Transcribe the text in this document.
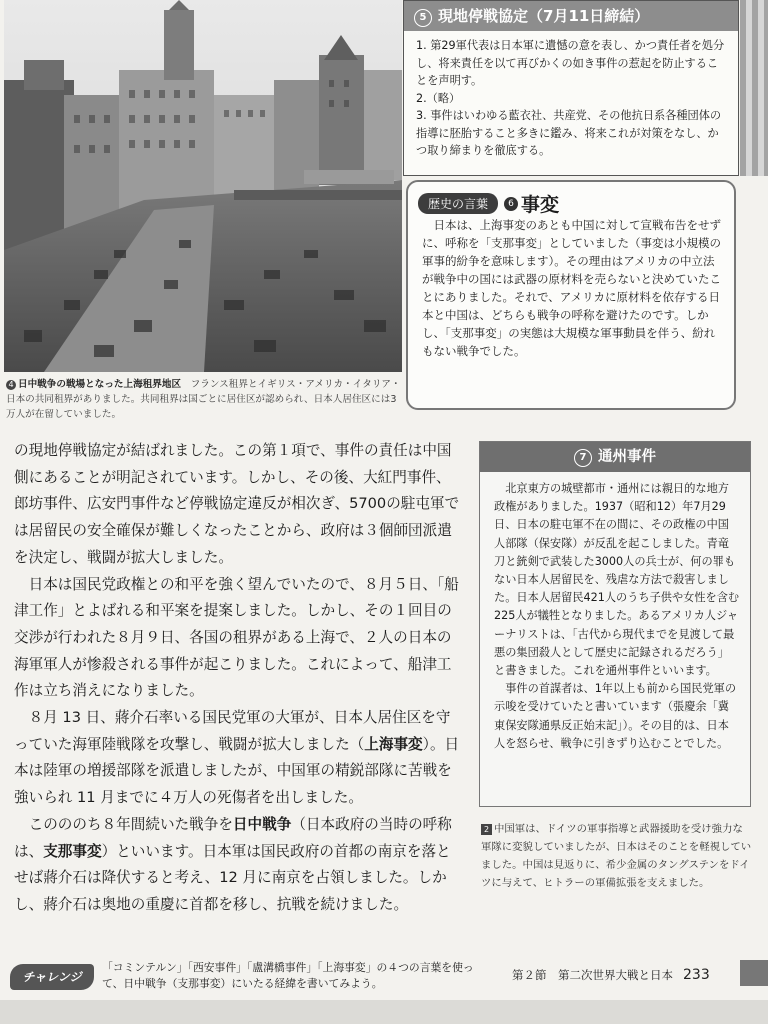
4 日中戦争の戦場となった上海租界地区　 フランス租界とイギリス・アメリカ・イタリア・日本の共同租界がありました。共同租界は国ごとに居住区が認められ、日本人居住区には3万人が在留していました。
5 現地停戦協定（7月11日締結）
1. 第29軍代表は日本軍に遺憾の意を表し、かつ責任者を処分し、将来責任を以て再びかくの如き事件の惹起を防止することを声明す。
2.（略）
3. 事件はいわゆる藍衣社、共産党、その他抗日系各種団体の指導に胚胎すること多きに鑑み、将来これが対策をなし、かつ取り締まりを徹底する。
歴史の言葉 6 事変
日本は、上海事変のあとも中国に対して宣戦布告をせずに、呼称を「支那事変」としていました（事変は小規模の軍事的紛争を意味します）。その理由はアメリカの中立法が戦争中の国には武器の原材料を売らないと決めていたことにありました。それで、アメリカに原材料を依存する日本と中国は、どちらも戦争の呼称を避けたのです。しかし、「支那事変」の実態は大規模な軍事動員を伴う、紛れもない戦争でした。

の現地停戦協定が結ばれました。この第１項で、事件の責任は中国側にあることが明記されています。しかし、その後、大紅門事件、郎坊事件、広安門事件など停戦協定違反が相次ぎ、5700の駐屯軍では居留民の安全確保が難しくなったことから、政府は３個師団派遣を決定し、戦闘が拡大しました。

日本は国民党政権との和平を強く望んでいたので、８月５日、「船津工作」とよばれる和平案を提案しました。しかし、その１回目の交渉が行われた８月９日、各国の租界がある上海で、２人の日本の海軍軍人が惨殺される事件が起こりました。これによって、船津工作は立ち消えになりました。

８月 13 日、蔣介石率いる国民党軍の大軍が、日本人居住区を守っていた海軍陸戦隊を攻撃し、戦闘が拡大しました（上海事変）。日本は陸軍の増援部隊を派遣しましたが、中国軍の精鋭部隊に苦戦を強いられ 11 月までに４万人の死傷者を出しました。

このののち８年間続いた戦争を日中戦争（日本政府の当時の呼称は、支那事変）といいます。日本軍は国民政府の首都の南京を落とせば蔣介石は降伏すると考え、12 月に南京を占領しました。しかし、蔣介石は奥地の重慶に首都を移し、抗戦を続けました。

7 通州事件

北京東方の城壁都市・通州には親日的な地方政権がありました。1937（昭和12）年7月29日、日本の駐屯軍不在の間に、その政権の中国人部隊（保安隊）が反乱を起こしました。青竜刀と銃剣で武装した3000人の兵士が、何の罪もない日本人居留民を、残虐な方法で殺害しました。日本人居留民421人のうち子供や女性を含む225人が犠牲となりました。あるアメリカ人ジャーナリストは、「古代から現代までを見渡して最悪の集団殺人として歴史に記録されるだろう」と書きました。これを通州事件といいます。

事件の首謀者は、1年以上も前から国民党軍の示唆を受けていたと書いています（張慶余「冀東保安隊通県反正始末記」）。その目的は、日本人を怒らせ、戦争に引きずり込むことでした。

2 中国軍は、ドイツの軍事指導と武器援助を受け強力な軍隊に変貌していましたが、日本はそのことを軽視していました。中国は見返りに、希少金属のタングステンをドイツに与えて、ヒトラーの軍備拡張を支えました。
チャレンジ
「コミンテルン」「西安事件」「盧溝橋事件」「上海事変」の４つの言葉を使って、日中戦争（支那事変）にいたる経緯を書いてみよう。
第２節　第二次世界大戦と日本 233
